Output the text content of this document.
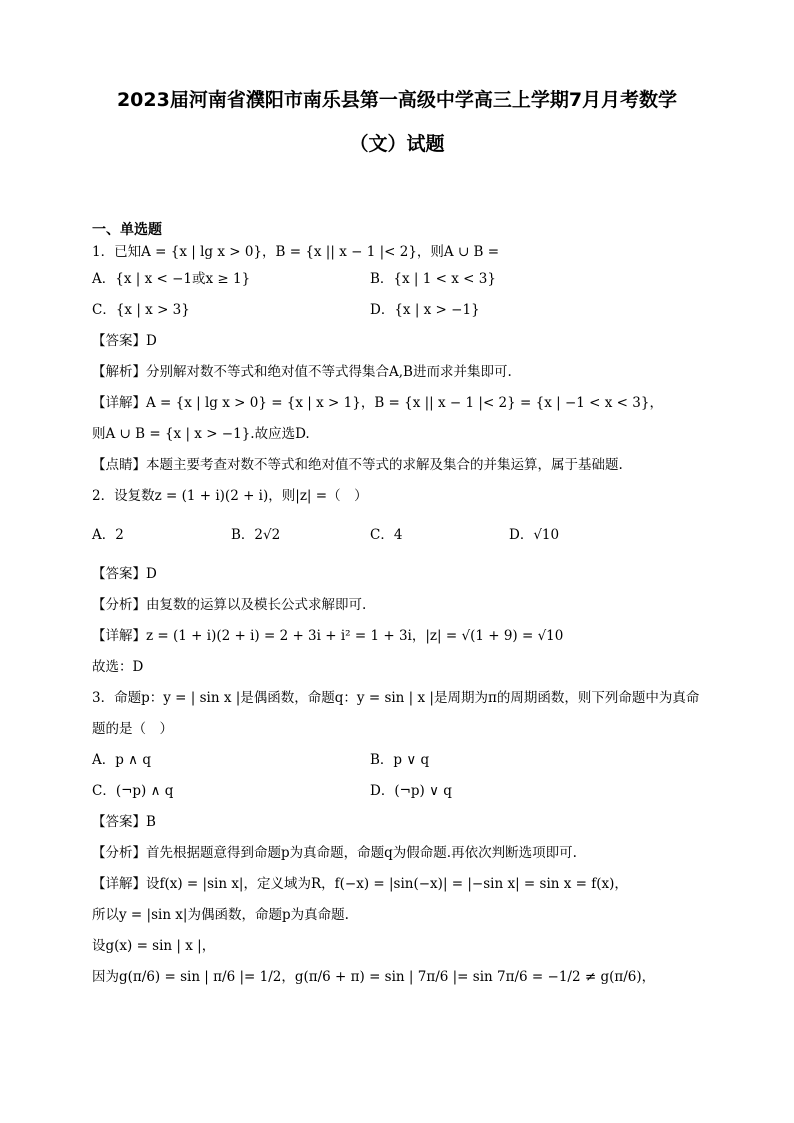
2023届河南省濮阳市南乐县第一高级中学高三上学期7月月考数学
（文）试题
一、单选题
1．已知A = {x | lg x > 0}，B = {x || x − 1 |< 2}，则A ∪ B =
A．{x | x < −1或x ≥ 1}	B．{x | 1 < x < 3}
C．{x | x > 3}	D．{x | x > −1}
【答案】D
【解析】分别解对数不等式和绝对值不等式得集合A,B进而求并集即可.
【详解】A = {x | lg x > 0} = {x | x > 1}，B = {x || x − 1 |< 2} = {x | −1 < x < 3}，
则A ∪ B = {x | x > −1}.故应选D.
【点睛】本题主要考查对数不等式和绝对值不等式的求解及集合的并集运算，属于基础题.
2．设复数z = (1 + i)(2 + i)，则|z| =（　）
A．2	B．2√2	C．4	D．√10
【答案】D
【分析】由复数的运算以及模长公式求解即可.
【详解】z = (1 + i)(2 + i) = 2 + 3i + i² = 1 + 3i，|z| = √(1 + 9) = √10
故选：D
3．命题p：y = | sin x |是偶函数，命题q：y = sin | x |是周期为π的周期函数，则下列命题中为真命
题的是（　）
A．p ∧ q	B．p ∨ q
C．(¬p) ∧ q	D．(¬p) ∨ q
【答案】B
【分析】首先根据题意得到命题p为真命题，命题q为假命题.再依次判断选项即可.
【详解】设f(x) = |sin x|，定义域为R，f(−x) = |sin(−x)| = |−sin x| = sin x = f(x)，
所以y = |sin x|为偶函数，命题p为真命题.
设g(x) = sin | x |，
因为g(π/6) = sin | π/6 |= 1/2，g(π/6 + π) = sin | 7π/6 |= sin 7π/6 = −1/2 ≠ g(π/6)，
